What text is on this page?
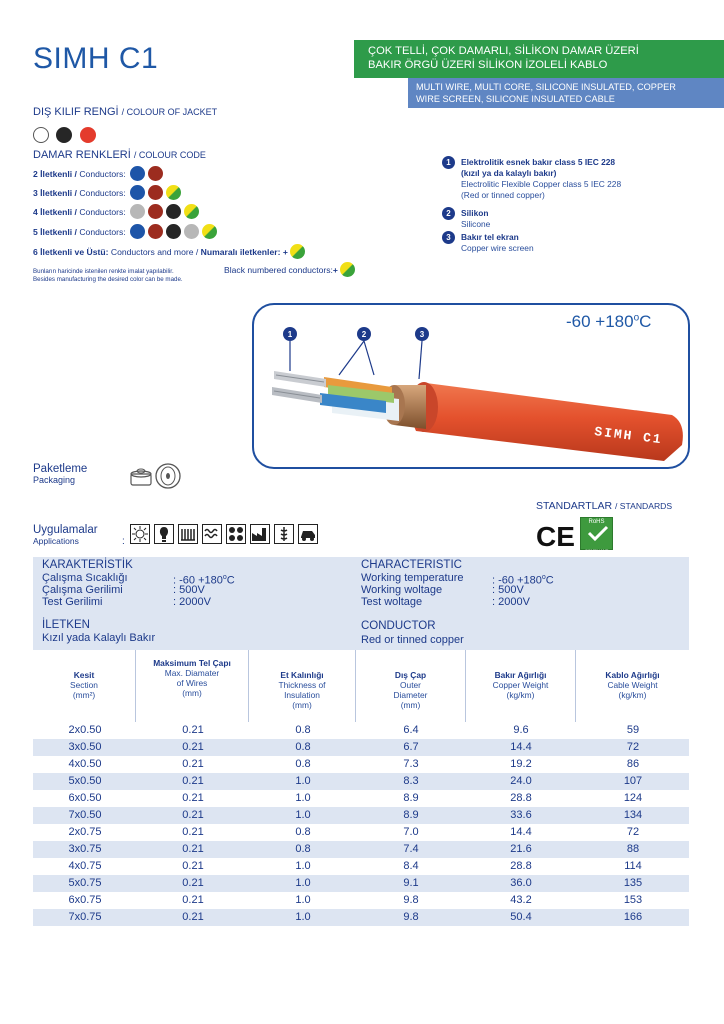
SIMH C1	ÇOK TELLİ, ÇOK DAMARLI, SİLİKON DAMAR ÜZERİ
BAKIR ÖRGÜ ÜZERİ SİLİKON İZOLELİ KABLO
MULTI WIRE, MULTI CORE, SILICONE INSULATED, COPPER
WIRE SCREEN, SILICONE INSULATED CABLE
DIŞ KILIF RENGİ / COLOUR OF JACKET

DAMAR RENKLERİ / COLOUR CODE
2 İletkenli / Conductors:
3 İletkenli / Conductors:
4 İletkenli / Conductors:
5 İletkenli / Conductors:
6 İletkenli ve Üstü:
Conductors and more /
Numaralı iletkenler:
+

Bunların haricinde istenilen renkte imalat yapılabilir.
Besides manufacturing the desired color can be made.
Black numbered conductors: +

1 Elektrolitik esnek bakır class 5 IEC 228
(kızıl ya da kalaylı bakır)
Electrolitic Flexible Copper class 5 IEC 228
(Red or tinned copper)
2 Silikon
Silicone
3 Bakır tel ekran
Copper wire screen
1	2	3
SIMH C1
$-60 +180^oC$
Paketleme
Packaging
STANDARTLAR / STANDARDS
CE	RoHS
COMPLIANT
Uygulamalar
Applications	:
KARAKTERİSTİK	CHARACTERISTIC
Çalışma Sıcaklığı	: $-60 +180^oC$
Çalışma Gerilimi	: 500V
Test Gerilimi	: 2000V
Working temperature	: $-60 +180^oC$
Working woltage	: 500V
Test woltage	: 2000V
İLETKEN
Kızıl yada Kalaylı Bakır
CONDUCTOR
Red or tinned copper
Kesit
Section
(mm²)
Maksimum Tel Çapı
Max. Diamater
of Wires
(mm)
Et Kalınlığı
Thickness of
Insulation
(mm)
Dış Çap
Outer
Diameter
(mm)
Bakır Ağırlığı
Copper Weight
(kg/km)
Kablo Ağırlığı
Cable Weight
(kg/km)
2x0.50	0.21	0.8	6.4	9.6	59
3x0.50	0.21	0.8	6.7	14.4	72
4x0.50	0.21	0.8	7.3	19.2	86
5x0.50	0.21	1.0	8.3	24.0	107
6x0.50	0.21	1.0	8.9	28.8	124
7x0.50	0.21	1.0	8.9	33.6	134
2x0.75	0.21	0.8	7.0	14.4	72
3x0.75	0.21	0.8	7.4	21.6	88
4x0.75	0.21	1.0	8.4	28.8	114
5x0.75	0.21	1.0	9.1	36.0	135
6x0.75	0.21	1.0	9.8	43.2	153
7x0.75	0.21	1.0	9.8	50.4	166
